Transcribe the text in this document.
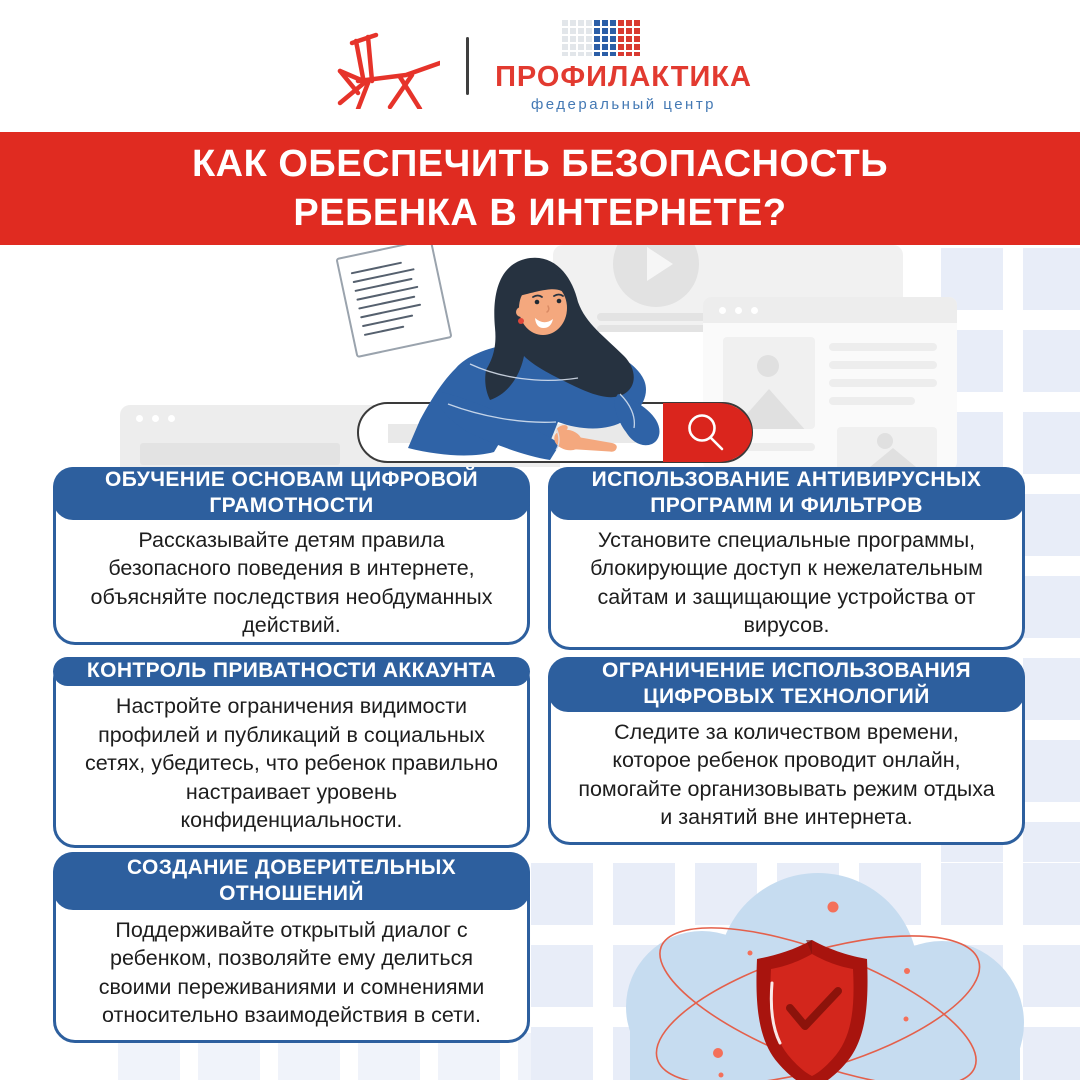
ПРОФИЛАКТИКА
федеральный центр
КАК ОБЕСПЕЧИТЬ БЕЗОПАСНОСТЬ
РЕБЕНКА В ИНТЕРНЕТЕ?
ОБУЧЕНИЕ ОСНОВАМ ЦИФРОВОЙ ГРАМОТНОСТИ
Рассказывайте детям правила безопасного поведения в интернете, объясняйте последствия необдуманных действий.
ИСПОЛЬЗОВАНИЕ АНТИВИРУСНЫХ ПРОГРАММ И ФИЛЬТРОВ
Установите специальные программы, блокирующие доступ к нежелательным сайтам и защищающие устройства от вирусов.
КОНТРОЛЬ ПРИВАТНОСТИ АККАУНТА
Настройте ограничения видимости профилей и публикаций в социальных сетях, убедитесь, что ребенок правильно настраивает уровень конфиденциальности.
ОГРАНИЧЕНИЕ ИСПОЛЬЗОВАНИЯ ЦИФРОВЫХ ТЕХНОЛОГИЙ
Следите за количеством времени, которое ребенок проводит онлайн, помогайте организовывать режим отдыха и занятий вне интернета.
СОЗДАНИЕ ДОВЕРИТЕЛЬНЫХ ОТНОШЕНИЙ
Поддерживайте открытый диалог с ребенком, позволяйте ему делиться своими переживаниями и сомнениями относительно взаимодействия в сети.
